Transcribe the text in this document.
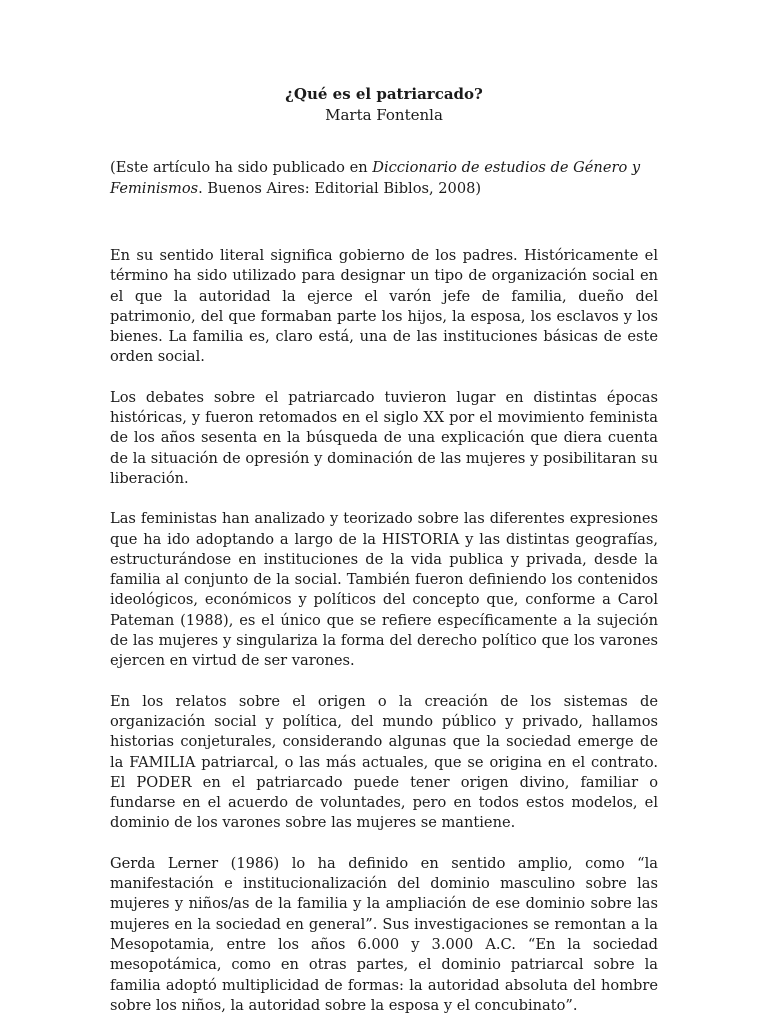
¿Qué es el patriarcado?

Marta Fontenla

(Este artículo ha sido publicado en Diccionario de estudios de Género y Feminismos. Buenos Aires: Editorial Biblos, 2008)

En su sentido literal significa gobierno de los padres. Históricamente el término ha sido utilizado para designar un tipo de organización social en el que la autoridad la ejerce el varón jefe de familia, dueño del patrimonio, del que formaban parte los hijos, la esposa, los esclavos y los bienes. La familia es, claro está, una de las instituciones básicas de este orden social.

Los debates sobre el patriarcado tuvieron lugar en distintas épocas históricas, y fueron retomados en el siglo XX por el movimiento feminista de los años sesenta en la búsqueda de una explicación que diera cuenta de la situación de opresión y dominación de las mujeres y posibilitaran su liberación.

Las feministas han analizado y teorizado sobre las diferentes expresiones que ha ido adoptando a largo de la HISTORIA y las distintas geografías, estructurándose en instituciones de la vida publica y privada, desde la familia al conjunto de la social. También fueron definiendo los contenidos ideológicos, económicos y políticos del concepto que, conforme a Carol Pateman (1988), es el único que se refiere específicamente a la sujeción de las mujeres y singulariza la forma del derecho político que los varones ejercen en virtud de ser varones.

En los relatos sobre el origen o la creación de los sistemas de organización social y política, del mundo público y privado, hallamos historias conjeturales, considerando algunas que la sociedad emerge de la FAMILIA patriarcal, o las más actuales, que se origina en el contrato. El PODER en el patriarcado puede tener origen divino, familiar o fundarse en el acuerdo de voluntades, pero en todos estos modelos, el dominio de los varones sobre las mujeres se mantiene.

Gerda Lerner (1986) lo ha definido en sentido amplio, como “la manifestación e institucionalización del dominio masculino sobre las mujeres y niños/as de la familia y la ampliación de ese dominio sobre las mujeres en la sociedad en general”. Sus investigaciones se remontan a la Mesopotamia, entre los años 6.000 y 3.000 A.C. “En la sociedad mesopotámica, como en otras partes, el dominio patriarcal sobre la familia adoptó multiplicidad de formas: la autoridad absoluta del hombre sobre los niños, la autoridad sobre la esposa y el concubinato”.
